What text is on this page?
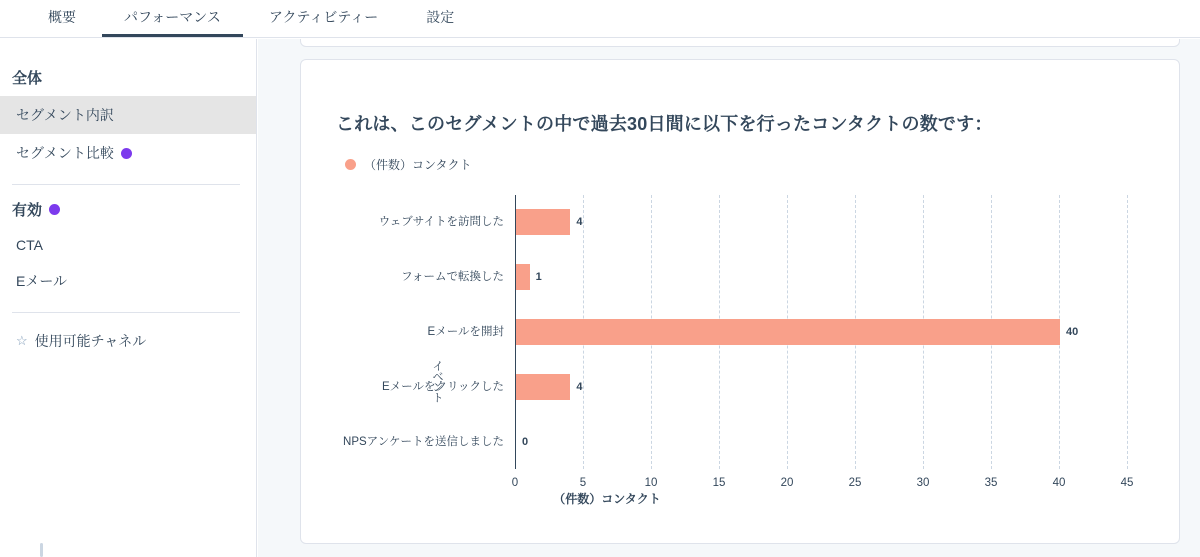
概要	パフォーマンス	アクティビティー	設定
全体
セグメント内訳
セグメント比較
有効
CTA
Eメール
☆ 使用可能チャネル
これは、このセグメントの中で過去30日間に以下を行ったコンタクトの数です：
（件数）コンタクト
イベント
0	5	10	15	20	25	30	35	40	45
ウェブサイトを訪問した	4
フォームで転換した	1
Eメールを開封	40
Eメールをクリックした	4
NPSアンケートを送信しました 0
（件数）コンタクト
